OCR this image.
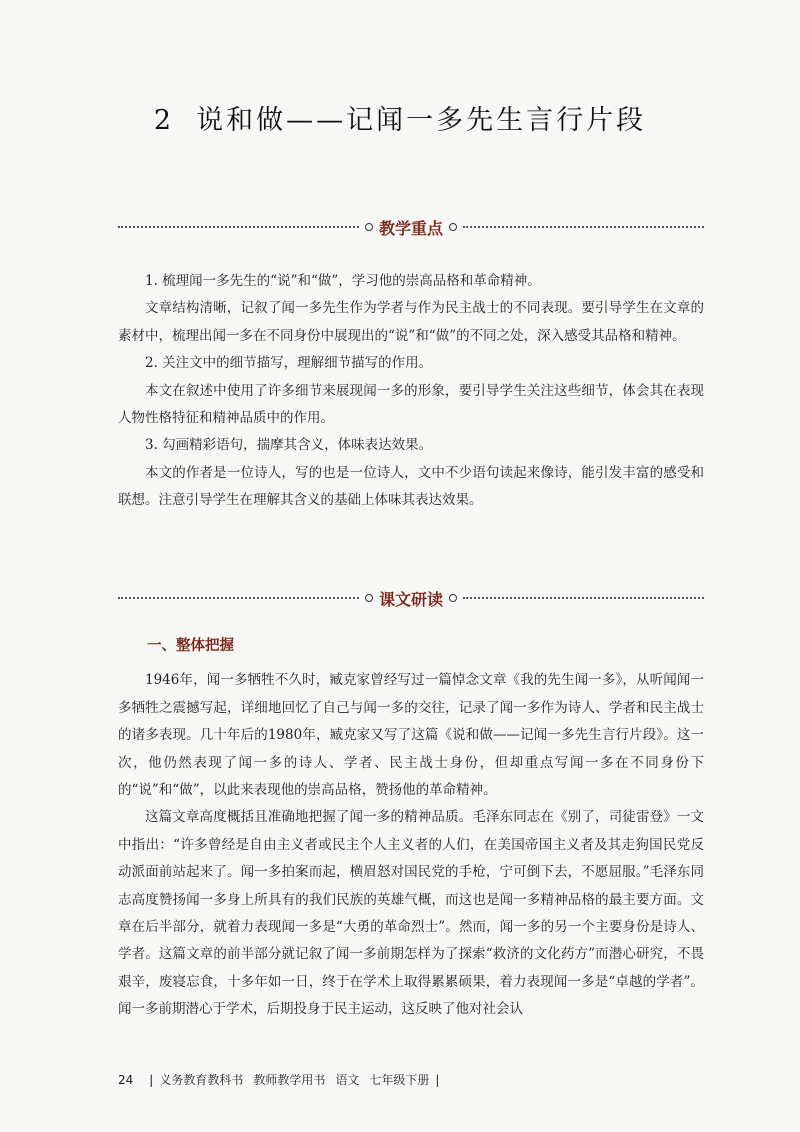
2 说和做——记闻一多先生言行片段
教学重点

1. 梳理闻一多先生的“说”和“做”，学习他的崇高品格和革命精神。

文章结构清晰，记叙了闻一多先生作为学者与作为民主战士的不同表现。要引导学生在文章的素材中，梳理出闻一多在不同身份中展现出的“说”和“做”的不同之处，深入感受其品格和精神。

2. 关注文中的细节描写，理解细节描写的作用。

本文在叙述中使用了许多细节来展现闻一多的形象，要引导学生关注这些细节，体会其在表现人物性格特征和精神品质中的作用。

3. 勾画精彩语句，揣摩其含义，体味表达效果。

本文的作者是一位诗人，写的也是一位诗人，文中不少语句读起来像诗，能引发丰富的感受和联想。注意引导学生在理解其含义的基础上体味其表达效果。

课文研读
一、整体把握

1946年，闻一多牺牲不久时，臧克家曾经写过一篇悼念文章《我的先生闻一多》，从听闻闻一多牺牲之震撼写起，详细地回忆了自己与闻一多的交往，记录了闻一多作为诗人、学者和民主战士的诸多表现。几十年后的1980年，臧克家又写了这篇《说和做——记闻一多先生言行片段》。这一次，他仍然表现了闻一多的诗人、学者、民主战士身份，但却重点写闻一多在不同身份下的“说”和“做”，以此来表现他的崇高品格，赞扬他的革命精神。

这篇文章高度概括且准确地把握了闻一多的精神品质。毛泽东同志在《别了，司徒雷登》一文中指出：“许多曾经是自由主义者或民主个人主义者的人们，在美国帝国主义者及其走狗国民党反动派面前站起来了。闻一多拍案而起，横眉怒对国民党的手枪，宁可倒下去，不愿屈服。”毛泽东同志高度赞扬闻一多身上所具有的我们民族的英雄气概，而这也是闻一多精神品格的最主要方面。文章在后半部分，就着力表现闻一多是“大勇的革命烈士”。然而，闻一多的另一个主要身份是诗人、学者。这篇文章的前半部分就记叙了闻一多前期怎样为了探索“救济的文化药方”而潜心研究，不畏艰辛，废寝忘食，十多年如一日，终于在学术上取得累累硕果，着力表现闻一多是“卓越的学者”。闻一多前期潜心于学术，后期投身于民主运动，这反映了他对社会认

24 | 义务教育教科书 教师教学用书 语文 七年级下册 |
